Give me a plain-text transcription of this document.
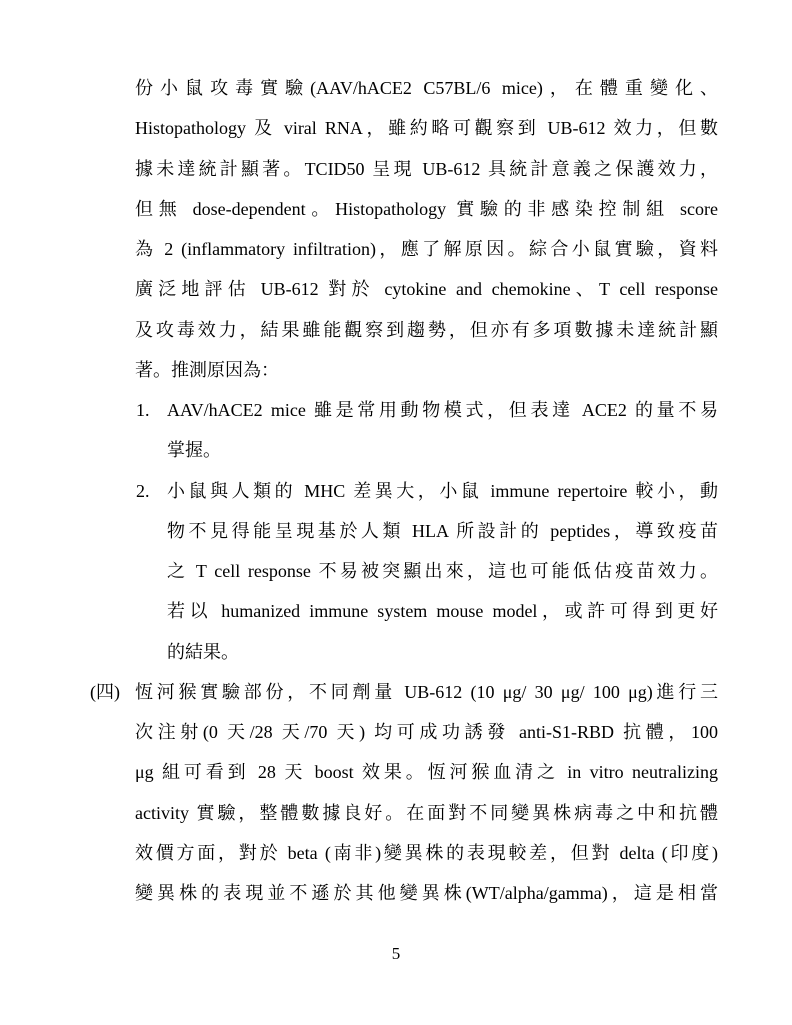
份小鼠攻毒實驗(AAV/hACE2 C57BL/6 mice)，在體重變化、
Histopathology 及 viral RNA，雖約略可觀察到 UB-612 效力，但數
據未達統計顯著。TCID50 呈現 UB-612 具統計意義之保護效力，
但無 dose-dependent。Histopathology 實驗的非感染控制組 score
為 2 (inflammatory infiltration)，應了解原因。綜合小鼠實驗，資料
廣泛地評估 UB-612 對於 cytokine and chemokine、T cell response
及攻毒效力，結果雖能觀察到趨勢，但亦有多項數據未達統計顯
著。推測原因為：
1. AAV/hACE2 mice 雖是常用動物模式，但表達 ACE2 的量不易
掌握。
2. 小鼠與人類的 MHC 差異大，小鼠 immune repertoire 較小，動
物不見得能呈現基於人類 HLA 所設計的 peptides，導致疫苗
之 T cell response 不易被突顯出來，這也可能低估疫苗效力。
若以 humanized immune system mouse model，或許可得到更好
的結果。
(四) 恆河猴實驗部份，不同劑量 UB-612 (10 μg/ 30 μg/ 100 μg)進行三
次注射(0 天/28 天/70 天) 均可成功誘發 anti-S1-RBD 抗體，100
μg 組可看到 28 天 boost 效果。恆河猴血清之 in vitro neutralizing
activity 實驗，整體數據良好。在面對不同變異株病毒之中和抗體
效價方面，對於 beta (南非)變異株的表現較差，但對 delta (印度)
變異株的表現並不遜於其他變異株(WT/alpha/gamma)，這是相當
5
